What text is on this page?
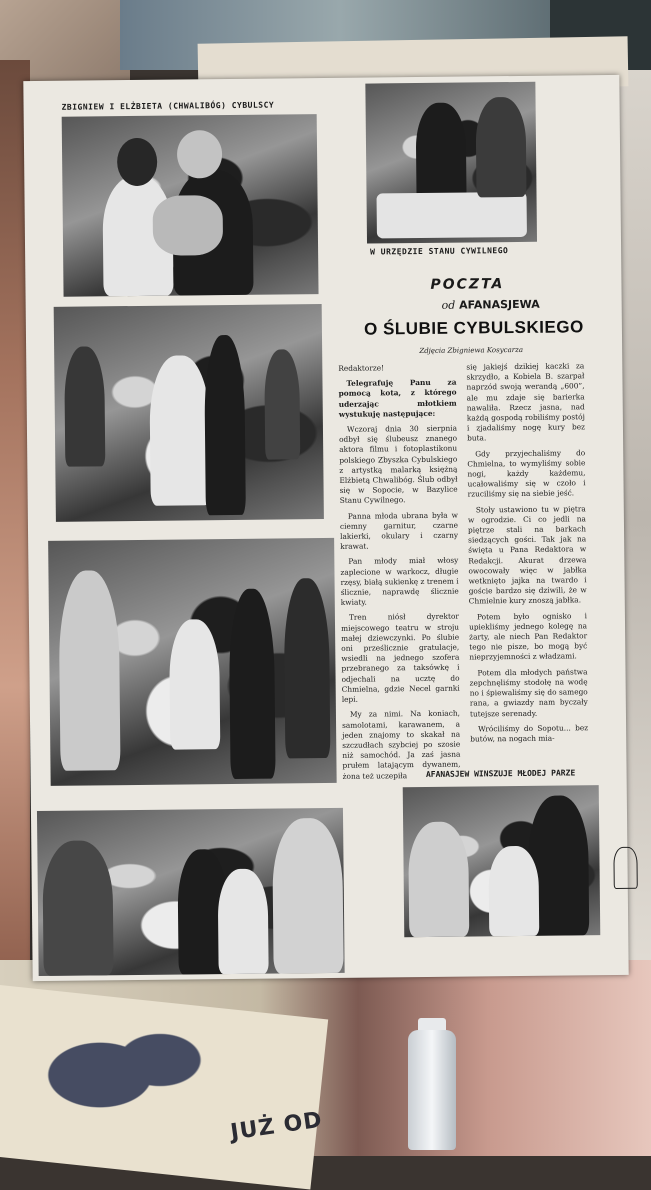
JUŻ OD
ZBIGNIEW I ELŻBIETA (CHWALIBÓG) CYBULSCY
W URZĘDZIE STANU CYWILNEGO
POCZTA
od AFANASJEWA
O ŚLUBIE CYBULSKIEGO
Zdjęcia Zbigniewa Kosycarza

Redaktorze!

Telegrafuję Panu za pomocą kota, z którego uderzając młotkiem wystukuję następujące:

Wczoraj dnia 30 sierpnia odbył się ślubeusz znanego aktora filmu i fotoplastikonu polskiego Zbyszka Cybulskiego z artystką malarką księżną Elżbietą Chwalibóg. Ślub odbył się w Sopocie, w Bazylice Stanu Cywilnego.

Panna młoda ubrana była w ciemny garnitur, czarne lakierki, okulary i czarny krawat.

Pan młody miał włosy zaplecione w warkocz, długie rzęsy, białą sukienkę z trenem i ślicznie, naprawdę ślicznie kwiaty.

Tren niósł dyrektor miejscowego teatru w stroju małej dziewczynki. Po ślubie oni prześlicznie gratulacje, wsiedli na jednego szofera przebranego za taksówkę i odjechali na ucztę do Chmielna, gdzie Necel garnki lepi.

My za nimi. Na koniach, samolotami, karawanem, a jeden znajomy to skakał na szczudłach szybciej po szosie niż samochód. Ja zaś jasna prułem latającym dywanem, żona też uczepiła

się jakiejś dzikiej kaczki za skrzydło, a Kobiela B. szarpał naprzód swoją werandą „600”, ale mu zdaje się barierka nawaliła. Rzecz jasna, nad każdą gospodą robiliśmy postój i zjadaliśmy nogę kury bez buta.

Gdy przyjechaliśmy do Chmielna, to wymyliśmy sobie nogi, każdy każdemu, ucałowaliśmy się w czoło i rzuciliśmy się na siebie jeść.

Stoły ustawiono tu w piętra w ogrodzie. Ci co jedli na piętrze stali na barkach siedzących gości. Tak jak na święta u Pana Redaktora w Redakcji. Akurat drzewa owocowały więc w jabłka wetknięto jajka na twardo i goście bardzo się dziwili, że w Chmielnie kury znoszą jabłka.

Potem było ognisko i upiekliśmy jednego kolegę na żarty, ale niech Pan Redaktor tego nie pisze, bo mogą być nieprzyjemności z władzami.

Potem dla młodych państwa zepchnęliśmy stodołę na wodę no i śpiewaliśmy się do samego rana, a gwiazdy nam byczały tutejsze serenady.

Wróciliśmy do Sopotu... bez butów, na nogach mia-

AFANASJEW WINSZUJE MŁODEJ PARZE
